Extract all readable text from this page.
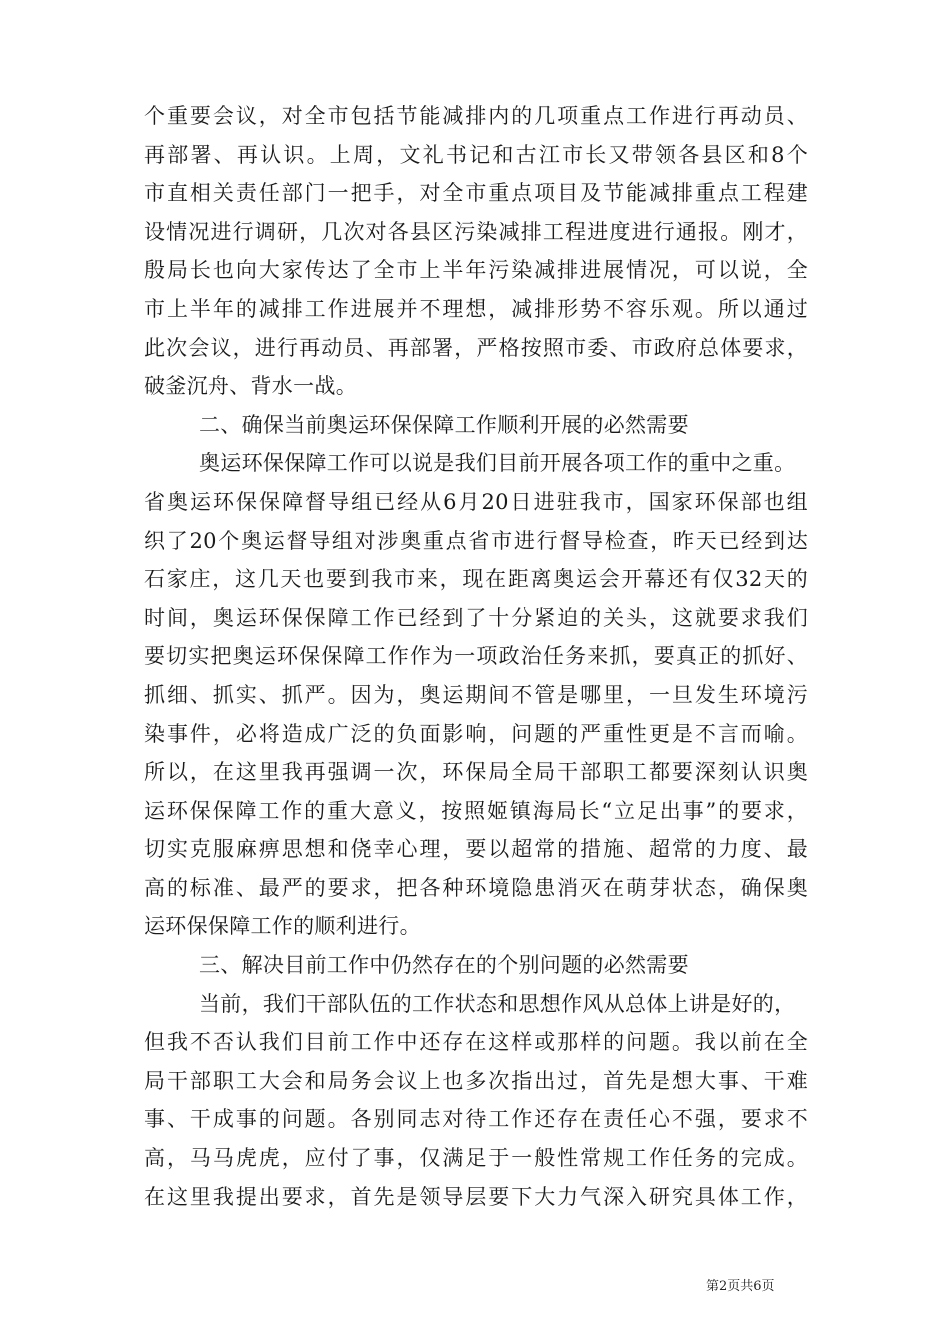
个重要会议，对全市包括节能减排内的几项重点工作进行再动员、
再部署、再认识。上周，文礼书记和古江市长又带领各县区和8个
市直相关责任部门一把手，对全市重点项目及节能减排重点工程建
设情况进行调研，几次对各县区污染减排工程进度进行通报。刚才，
殷局长也向大家传达了全市上半年污染减排进展情况，可以说，全
市上半年的减排工作进展并不理想，减排形势不容乐观。所以通过
此次会议，进行再动员、再部署，严格按照市委、市政府总体要求，
破釜沉舟、背水一战。
二、确保当前奥运环保保障工作顺利开展的必然需要
奥运环保保障工作可以说是我们目前开展各项工作的重中之重。
省奥运环保保障督导组已经从6月20日进驻我市，国家环保部也组
织了20个奥运督导组对涉奥重点省市进行督导检查，昨天已经到达
石家庄，这几天也要到我市来，现在距离奥运会开幕还有仅32天的
时间，奥运环保保障工作已经到了十分紧迫的关头，这就要求我们
要切实把奥运环保保障工作作为一项政治任务来抓，要真正的抓好、
抓细、抓实、抓严。因为，奥运期间不管是哪里，一旦发生环境污
染事件，必将造成广泛的负面影响，问题的严重性更是不言而喻。
所以，在这里我再强调一次，环保局全局干部职工都要深刻认识奥
运环保保障工作的重大意义，按照姬镇海局长“立足出事”的要求，
切实克服麻痹思想和侥幸心理，要以超常的措施、超常的力度、最
高的标准、最严的要求，把各种环境隐患消灭在萌芽状态，确保奥
运环保保障工作的顺利进行。
三、解决目前工作中仍然存在的个别问题的必然需要
当前，我们干部队伍的工作状态和思想作风从总体上讲是好的，
但我不否认我们目前工作中还存在这样或那样的问题。我以前在全
局干部职工大会和局务会议上也多次指出过，首先是想大事、干难
事、干成事的问题。各别同志对待工作还存在责任心不强，要求不
高，马马虎虎，应付了事，仅满足于一般性常规工作任务的完成。
在这里我提出要求，首先是领导层要下大力气深入研究具体工作，
第2页共6页
